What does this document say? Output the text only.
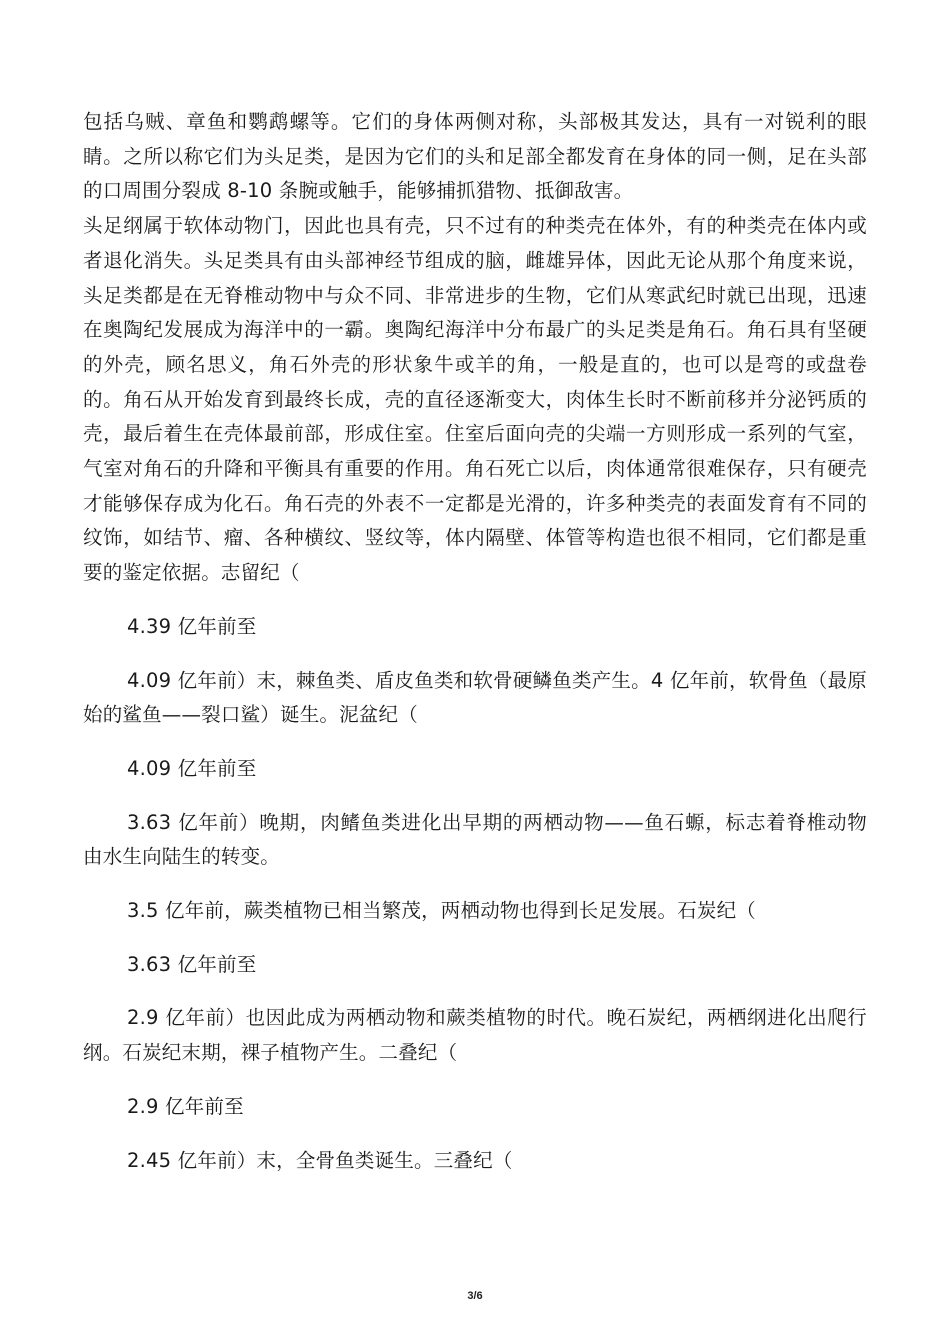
包括乌贼、章鱼和鹦鹉螺等。它们的身体两侧对称，头部极其发达，具有一对锐利的眼睛。之所以称它们为头足类，是因为它们的头和足部全都发育在身体的同一侧，足在头部的口周围分裂成 8-10 条腕或触手，能够捕抓猎物、抵御敌害。

头足纲属于软体动物门，因此也具有壳，只不过有的种类壳在体外，有的种类壳在体内或者退化消失。头足类具有由头部神经节组成的脑，雌雄异体，因此无论从那个角度来说，头足类都是在无脊椎动物中与众不同、非常进步的生物，它们从寒武纪时就已出现，迅速在奥陶纪发展成为海洋中的一霸。奥陶纪海洋中分布最广的头足类是角石。角石具有坚硬的外壳，顾名思义，角石外壳的形状象牛或羊的角，一般是直的，也可以是弯的或盘卷的。角石从开始发育到最终长成，壳的直径逐渐变大，肉体生长时不断前移并分泌钙质的壳，最后着生在壳体最前部，形成住室。住室后面向壳的尖端一方则形成一系列的气室，气室对角石的升降和平衡具有重要的作用。角石死亡以后，肉体通常很难保存，只有硬壳才能够保存成为化石。角石壳的外表不一定都是光滑的，许多种类壳的表面发育有不同的纹饰，如结节、瘤、各种横纹、竖纹等，体内隔壁、体管等构造也很不相同，它们都是重要的鉴定依据。志留纪（

4.39 亿年前至

4.09 亿年前）末，棘鱼类、盾皮鱼类和软骨硬鳞鱼类产生。4 亿年前，软骨鱼（最原始的鲨鱼——裂口鲨）诞生。泥盆纪（

4.09 亿年前至

3.63 亿年前）晚期，肉鳍鱼类进化出早期的两栖动物——鱼石螈，标志着脊椎动物由水生向陆生的转变。

3.5 亿年前，蕨类植物已相当繁茂，两栖动物也得到长足发展。石炭纪（

3.63 亿年前至

2.9 亿年前）也因此成为两栖动物和蕨类植物的时代。晚石炭纪，两栖纲进化出爬行纲。石炭纪末期，裸子植物产生。二叠纪（

2.9 亿年前至

2.45 亿年前）末，全骨鱼类诞生。三叠纪（

3/6
